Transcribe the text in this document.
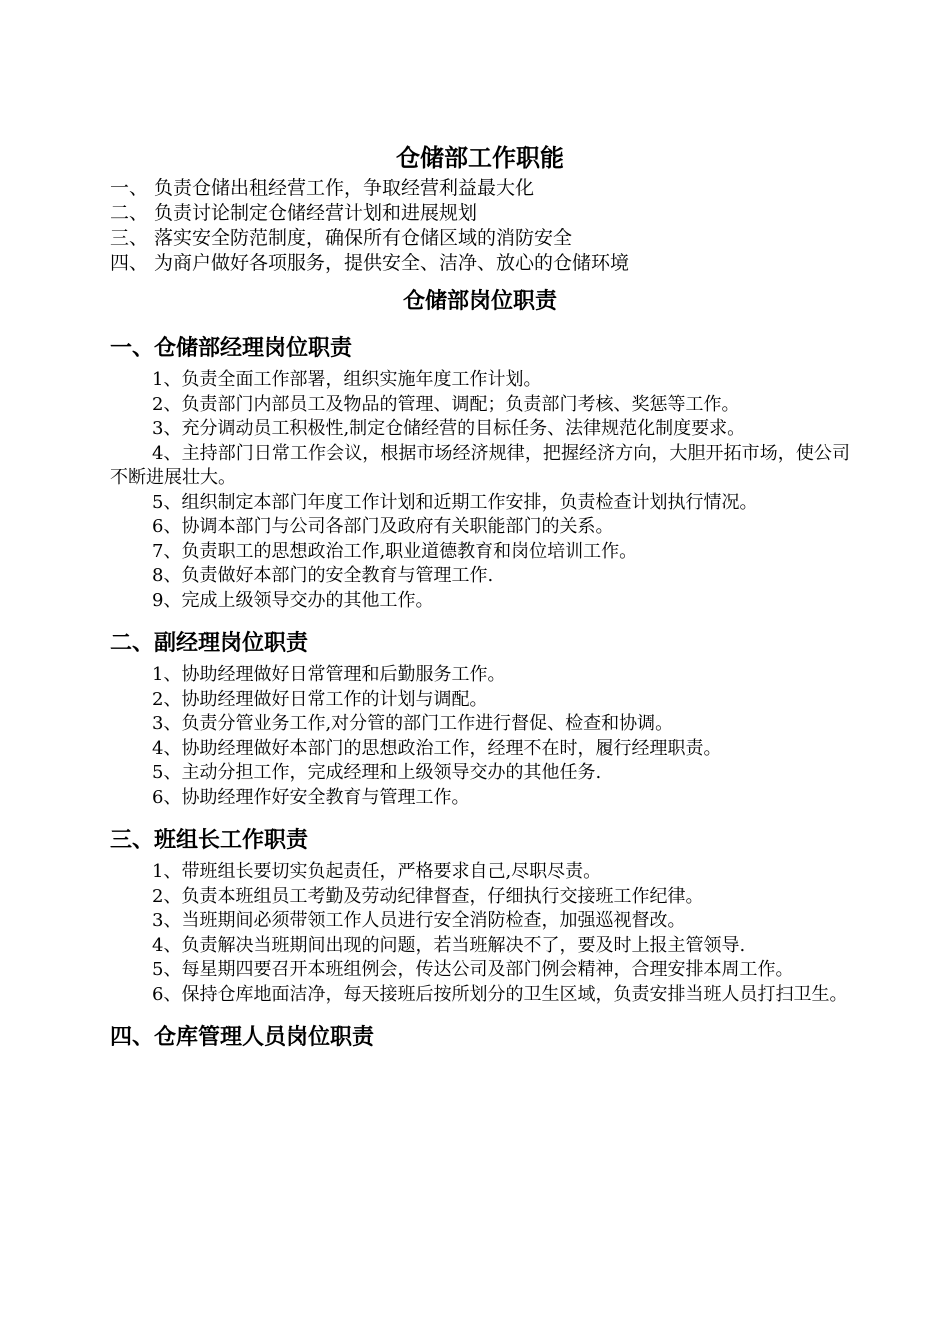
仓储部工作职能
一、 负责仓储出租经营工作，争取经营利益最大化
二、 负责讨论制定仓储经营计划和进展规划
三、 落实安全防范制度，确保所有仓储区域的消防安全
四、 为商户做好各项服务，提供安全、洁净、放心的仓储环境
仓储部岗位职责
一、仓储部经理岗位职责

1、负责全面工作部署，组织实施年度工作计划。

2、负责部门内部员工及物品的管理、调配；负责部门考核、奖惩等工作。

3、充分调动员工积极性,制定仓储经营的目标任务、法律规范化制度要求。

4、主持部门日常工作会议，根据市场经济规律，把握经济方向，大胆开拓市场，使公司不断进展壮大。

5、组织制定本部门年度工作计划和近期工作安排，负责检查计划执行情况。

6、协调本部门与公司各部门及政府有关职能部门的关系。

7、负责职工的思想政治工作,职业道德教育和岗位培训工作。

8、负责做好本部门的安全教育与管理工作.

9、完成上级领导交办的其他工作。

二、副经理岗位职责

1、协助经理做好日常管理和后勤服务工作。

2、协助经理做好日常工作的计划与调配。

3、负责分管业务工作,对分管的部门工作进行督促、检查和协调。

4、协助经理做好本部门的思想政治工作，经理不在时，履行经理职责。

5、主动分担工作，完成经理和上级领导交办的其他任务.

6、协助经理作好安全教育与管理工作。

三、班组长工作职责

1、带班组长要切实负起责任，严格要求自己,尽职尽责。

2、负责本班组员工考勤及劳动纪律督查，仔细执行交接班工作纪律。

3、当班期间必须带领工作人员进行安全消防检查，加强巡视督改。

4、负责解决当班期间出现的问题，若当班解决不了，要及时上报主管领导.

5、每星期四要召开本班组例会，传达公司及部门例会精神，合理安排本周工作。

6、保持仓库地面洁净，每天接班后按所划分的卫生区域，负责安排当班人员打扫卫生。

四、仓库管理人员岗位职责
